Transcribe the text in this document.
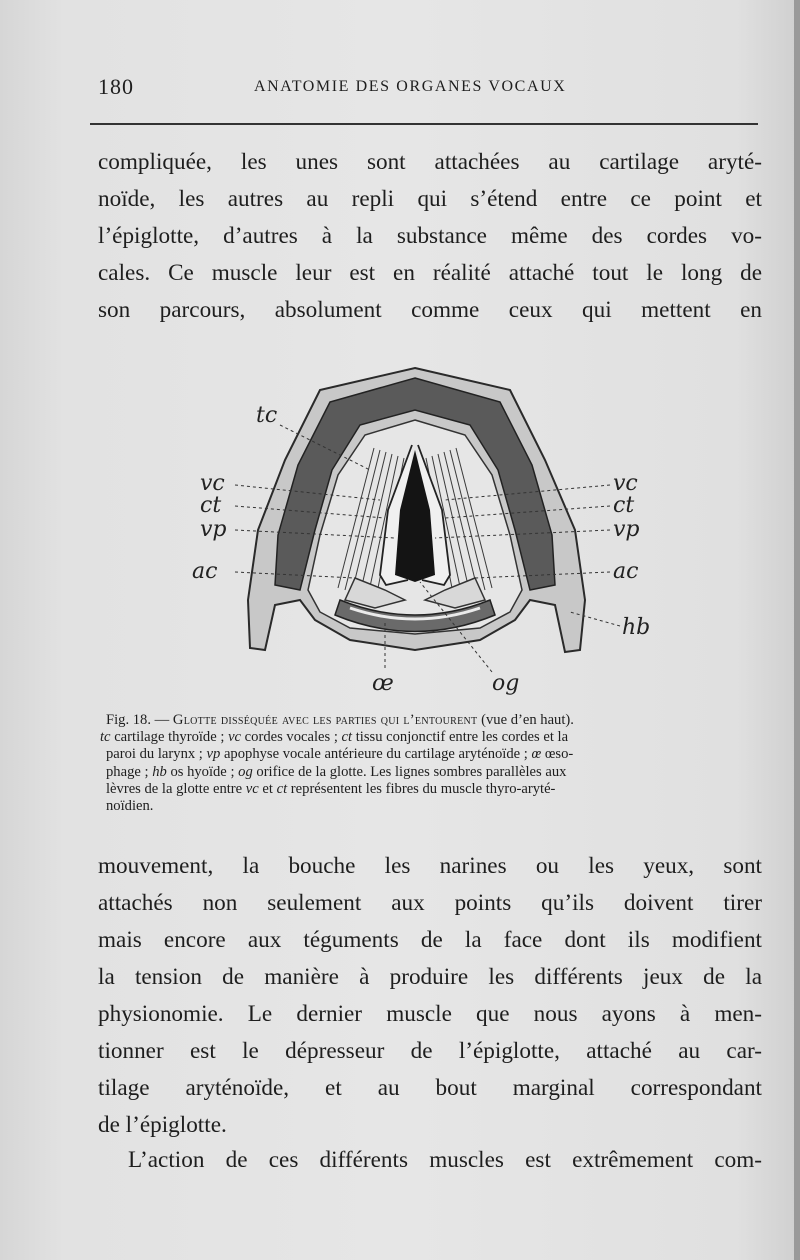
180	ANATOMIE DES ORGANES VOCAUX
compliquée, les unes sont attachées au cartilage aryté-
noïde, les autres au repli qui s’étend entre ce point et
l’épiglotte, d’autres à la substance même des cordes vo-
cales. Ce muscle leur est en réalité attaché tout le long de
son parcours, absolument comme ceux qui mettent en
tc
vc
ct
vp
ac
vc
ct
vp
ac
hb
œ	og
Fig. 18. — Glotte disséquée avec les parties qui l’entourent (vue d’en haut).
tc cartilage thyroïde ; vc cordes vocales ; ct tissu conjonctif entre les cordes et la
paroi du larynx ; vp apophyse vocale antérieure du cartilage aryténoïde ; œ œso-
phage ; hb os hyoïde ; og orifice de la glotte. Les lignes sombres parallèles aux
lèvres de la glotte entre vc et ct représentent les fibres du muscle thyro-aryté-
noïdien.
mouvement, la bouche les narines ou les yeux, sont
attachés non seulement aux points qu’ils doivent tirer
mais encore aux téguments de la face dont ils modifient
la tension de manière à produire les différents jeux de la
physionomie. Le dernier muscle que nous ayons à men-
tionner est le dépresseur de l’épiglotte, attaché au car-
tilage aryténoïde, et au bout marginal correspondant
de l’épiglotte.
L’action de ces différents muscles est extrêmement com-
